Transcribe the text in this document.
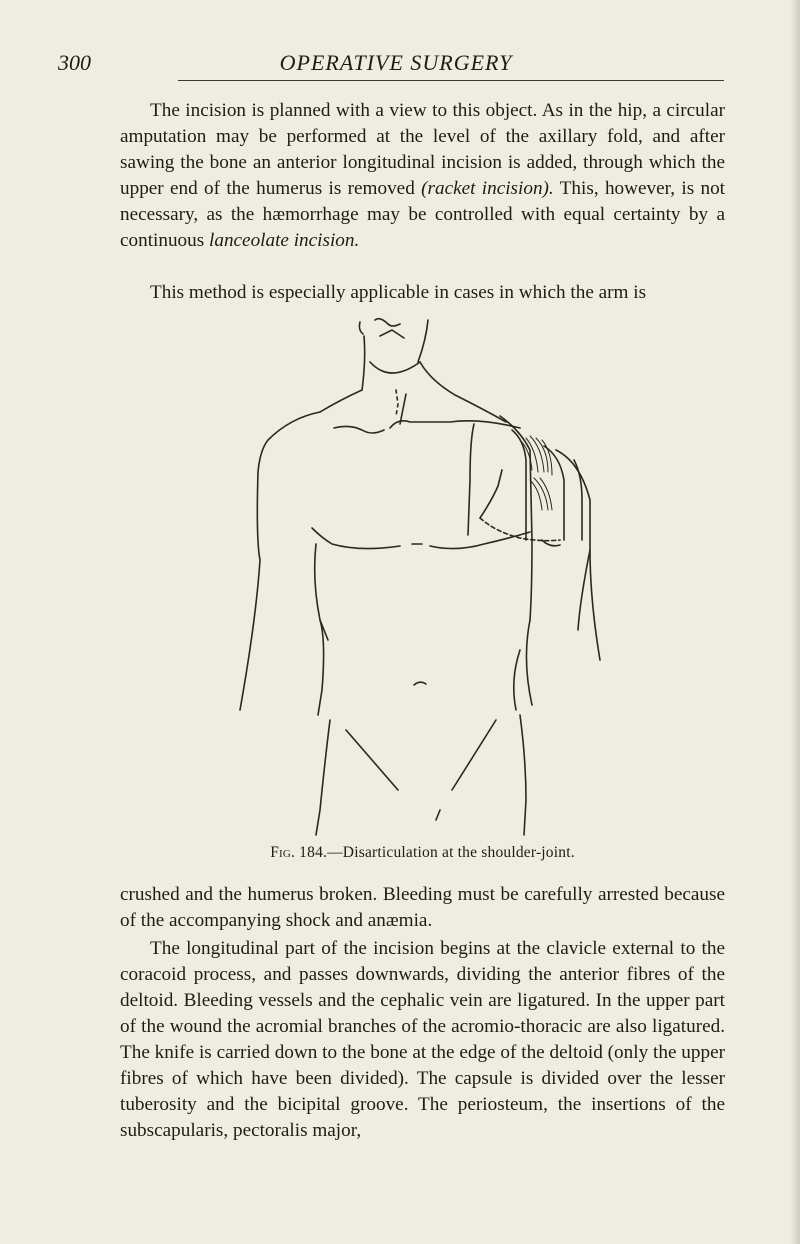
300	OPERATIVE SURGERY

The incision is planned with a view to this object. As in the hip, a circular amputation may be performed at the level of the axillary fold, and after sawing the bone an anterior longitudinal incision is added, through which the upper end of the humerus is removed (racket incision). This, however, is not necessary, as the hæmorrhage may be controlled with equal certainty by a continuous lanceolate incision.

This method is especially applicable in cases in which the arm is

Fig. 184.—Disarticulation at the shoulder-joint.

crushed and the humerus broken. Bleeding must be carefully arrested because of the accompanying shock and anæmia.

The longitudinal part of the incision begins at the clavicle external to the coracoid process, and passes downwards, dividing the anterior fibres of the deltoid. Bleeding vessels and the cephalic vein are ligatured. In the upper part of the wound the acromial branches of the acromio-thoracic are also ligatured. The knife is carried down to the bone at the edge of the deltoid (only the upper fibres of which have been divided). The capsule is divided over the lesser tuberosity and the bicipital groove. The periosteum, the insertions of the subscapularis, pectoralis major,
